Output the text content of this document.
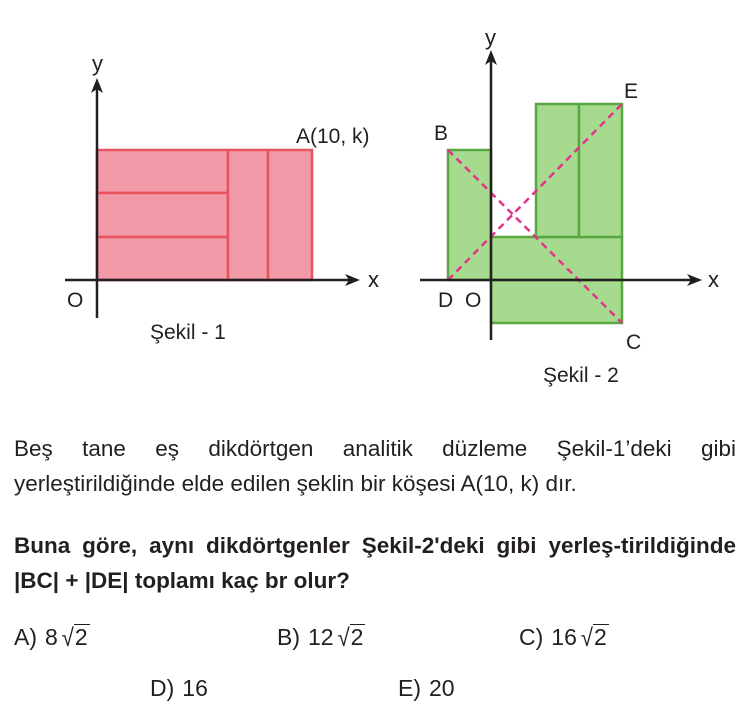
y
x
O
A(10, k)
Şekil - 1
y
x
O
B
C
D
E
Şekil - 2
Beş tane eş dikdörtgen analitik düzleme Şekil-1’deki gibi yerleştirildiğinde elde edilen şeklin bir köşesi A(10, k) dır.
Buna göre, aynı dikdörtgenler Şekil-2'deki gibi yerleş-tirildiğinde |BC| + |DE| toplamı kaç br olur?
A) 8 √2	B) 12 √2	C) 16 √2
D) 16	E) 20
